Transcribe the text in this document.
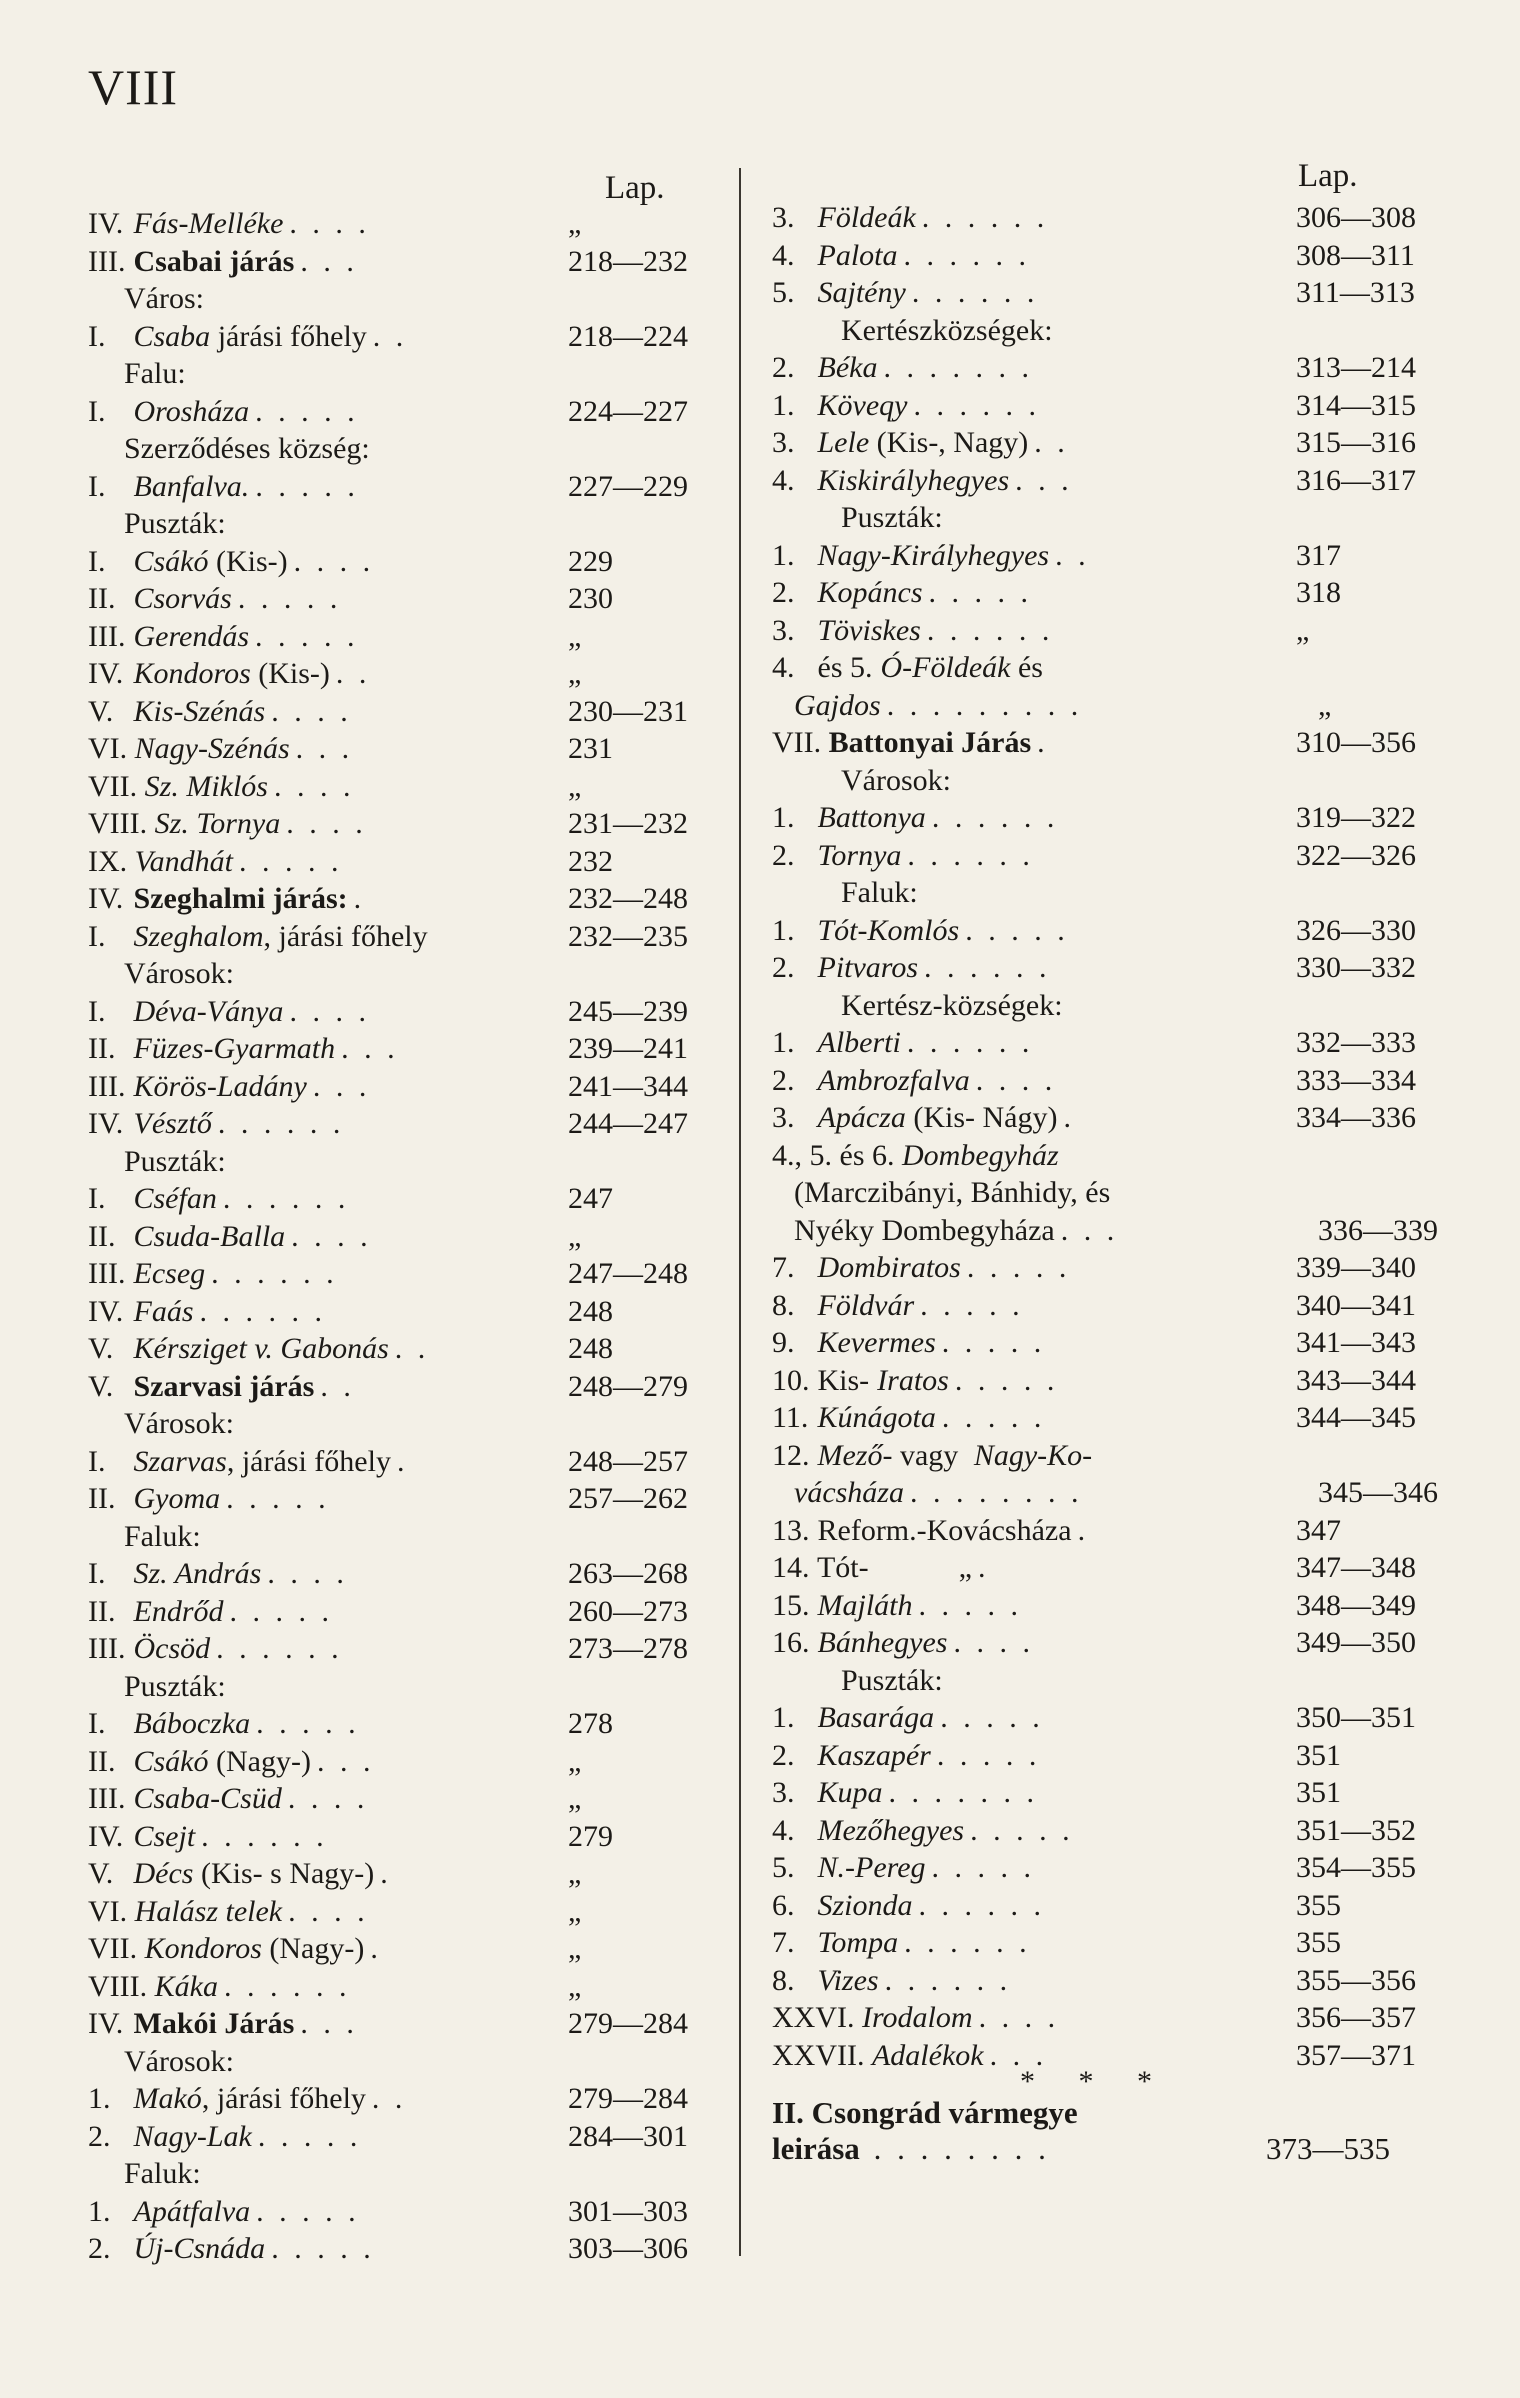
VIII
Lap.
IV. Fás-Melléke . . . .	„
III. Csabai járás . . .	218—232
Város:
I. Csaba járási főhely . .	218—224
Falu:
I. Orosháza . . . . .	224—227
Szerződéses község:
I. Banfalva. . . . . .	227—229
Puszták:
I. Csákó (Kis-) . . . .	229
II. Csorvás . . . . .	230
III. Gerendás . . . . .	„
IV. Kondoros (Kis-) . .	„
V. Kis-Szénás . . . .	230—231
VI. Nagy-Szénás . . .	231
VII. Sz. Miklós . . . .	„
VIII. Sz. Tornya . . . .	231—232
IX. Vandhát . . . . .	232
IV. Szeghalmi járás: .	232—248
I. Szeghalom, járási főhely	232—235
Városok:
I. Déva-Ványa . . . .	245—239
II. Füzes-Gyarmath . . .	239—241
III. Körös-Ladány . . .	241—344
IV. Vésztő . . . . . .	244—247
Puszták:
I. Cséfan . . . . . .	247
II. Csuda-Balla . . . .	„
III. Ecseg . . . . . .	247—248
IV. Faás . . . . . .	248
V. Kérsziget v. Gabonás . .	248
V. Szarvasi járás . .	248—279
Városok:
I. Szarvas, járási főhely .	248—257
II. Gyoma . . . . .	257—262
Faluk:
I. Sz. András . . . .	263—268
II. Endrőd . . . . .	260—273
III. Öcsöd . . . . . .	273—278
Puszták:
I. Báboczka . . . . .	278
II. Csákó (Nagy-) . . .	„
III. Csaba-Csüd . . . .	„
IV. Csejt . . . . . .	279
V. Décs (Kis- s Nagy-) .	„
VI. Halász telek . . . .	„
VII. Kondoros (Nagy-) .	„
VIII. Káka . . . . . .	„
IV. Makói Járás . . .	279—284
Városok:
1. Makó, járási főhely . .	279—284
2. Nagy-Lak . . . . .	284—301
Faluk:
1. Apátfalva . . . . .	301—303
2. Új-Csnáda . . . . .	303—306
Lap.
3. Földeák . . . . . .	306—308
4. Palota . . . . . .	308—311
5. Sajtény . . . . . .	311—313
Kertészközségek:
2. Béka . . . . . . .	313—214
1. Köveqy . . . . . .	314—315
3. Lele (Kis-, Nagy) . .	315—316
4. Kiskirályhegyes . . .	316—317
Puszták:
1. Nagy-Királyhegyes . .	317
2. Kopáncs . . . . .	318
3. Töviskes . . . . . .	„
4. és 5. Ó-Földeák és
Gajdos . . . . . . . . .	„
VII. Battonyai Járás .	310—356
Városok:
1. Battonya . . . . . .	319—322
2. Tornya . . . . . .	322—326
Faluk:
1. Tót-Komlós . . . . .	326—330
2. Pitvaros . . . . . .	330—332
Kertész-községek:
1. Alberti . . . . . .	332—333
2. Ambrozfalva . . . .	333—334
3. Apácza (Kis- Nágy) .	334—336
4., 5. és 6. Dombegyház
(Marczibányi, Bánhidy, és
Nyéky Dombegyháza . . .	336—339
7. Dombiratos . . . . .	339—340
8. Földvár . . . . .	340—341
9. Kevermes . . . . .	341—343
10. Kis- Iratos . . . . .	343—344
11. Kúnágota . . . . .	344—345
12. Mező- vagy Nagy-Ko-
vácsháza . . . . . . . .	345—346
13. Reform.-Kovácsháza .	347
14. Tót-            „ .	347—348
15. Majláth . . . . .	348—349
16. Bánhegyes . . . .	349—350
Puszták:
1. Basarága . . . . .	350—351
2. Kaszapér . . . . .	351
3. Kupa . . . . . . .	351
4. Mezőhegyes . . . . .	351—352
5. N.-Pereg . . . . .	354—355
6. Szionda . . . . . .	355
7. Tompa . . . . . .	355
8. Vizes . . . . . .	355—356
XXVI. Irodalom . . . .	356—357
XXVII. Adalékok . . .	357—371
* * *
II. Csongrád vármegye
leirása . . . . . . . .	373—535
